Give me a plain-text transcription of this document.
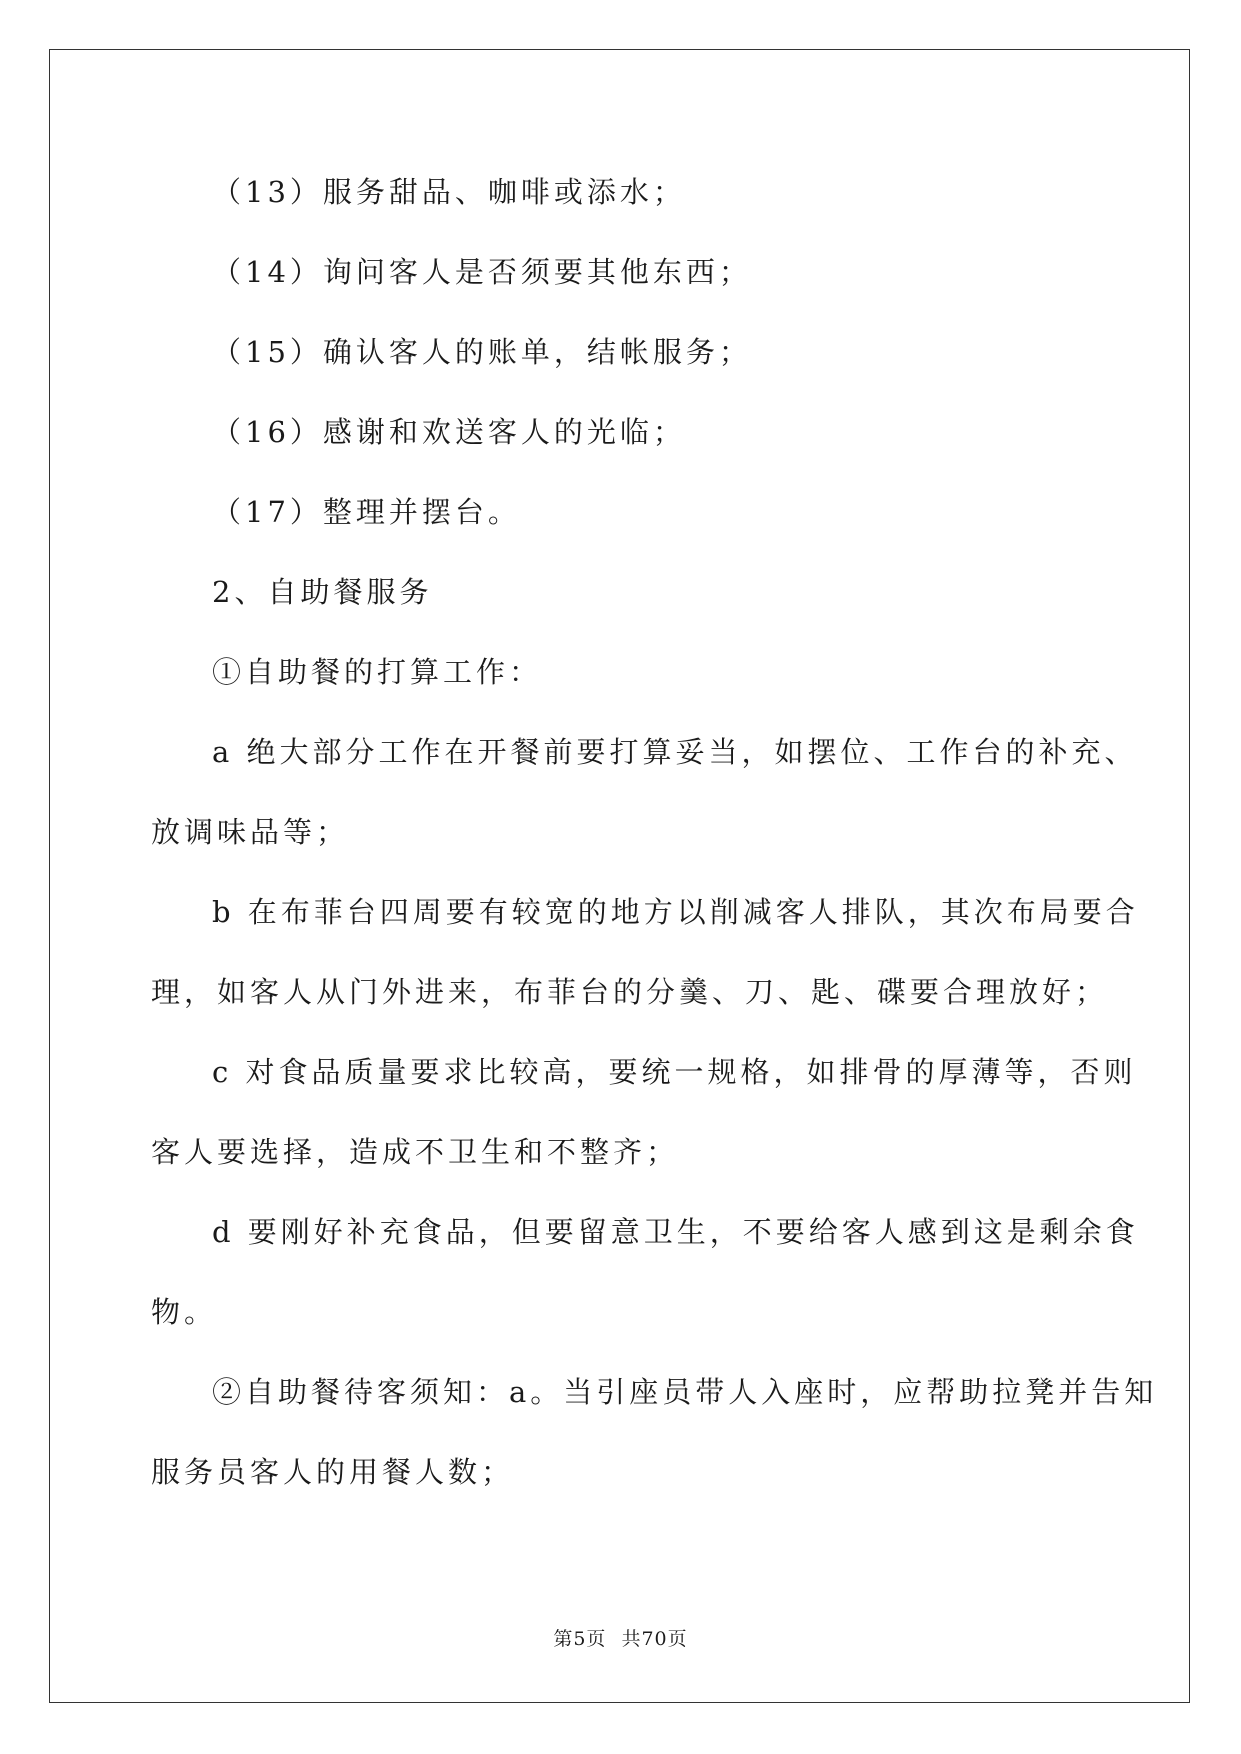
（13）服务甜品、咖啡或添水；
（14）询问客人是否须要其他东西；
（15）确认客人的账单，结帐服务；
（16）感谢和欢送客人的光临；
（17）整理并摆台。
2、自助餐服务
①自助餐的打算工作：
a 绝大部分工作在开餐前要打算妥当，如摆位、工作台的补充、
放调味品等；
b 在布菲台四周要有较宽的地方以削减客人排队，其次布局要合
理，如客人从门外进来，布菲台的分羹、刀、匙、碟要合理放好；
c 对食品质量要求比较高，要统一规格，如排骨的厚薄等，否则
客人要选择，造成不卫生和不整齐；
d 要刚好补充食品，但要留意卫生，不要给客人感到这是剩余食
物。
②自助餐待客须知：a。当引座员带人入座时，应帮助拉凳并告知
服务员客人的用餐人数；
第5页 共70页
